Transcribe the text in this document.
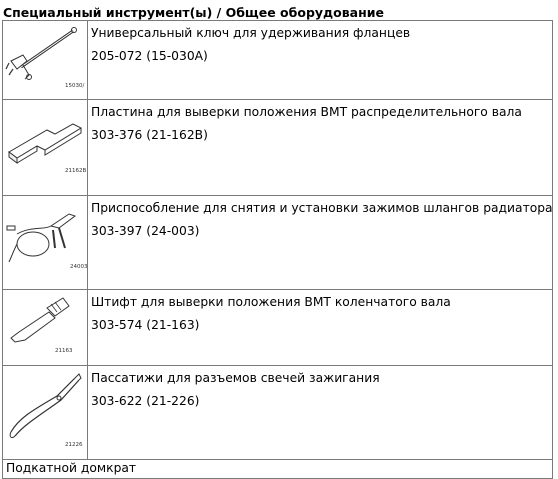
Специальный инструмент(ы) / Общее оборудование
15030/	Универсальный ключ для удерживания фланцев
205-072 (15-030A)

21162B	Пластина для выверки положения ВМТ распределительного вала
303-376 (21-162B)

24003	Приспособление для снятия и установки зажимов шлангов радиатора
303-397 (24-003)

21163	Штифт для выверки положения ВМТ коленчатого вала
303-574 (21-163)

21226	Пассатижи для разъемов свечей зажигания
303-622 (21-226)

Подкатной домкрат	
